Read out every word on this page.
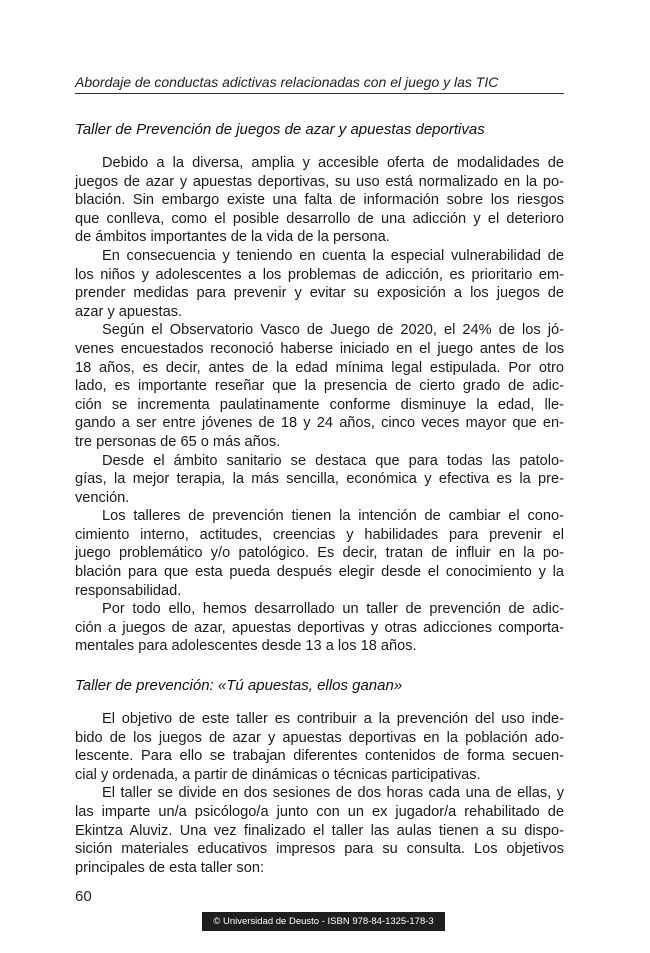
Abordaje de conductas adictivas relacionadas con el juego y las TIC
Taller de Prevención de juegos de azar y apuestas deportivas
Debido a la diversa, amplia y accesible oferta de modalidades de
juegos de azar y apuestas deportivas, su uso está normalizado en la po-
blación. Sin embargo existe una falta de información sobre los riesgos
que conlleva, como el posible desarrollo de una adicción y el deterioro
de ámbitos importantes de la vida de la persona.
En consecuencia y teniendo en cuenta la especial vulnerabilidad de
los niños y adolescentes a los problemas de adicción, es prioritario em-
prender medidas para prevenir y evitar su exposición a los juegos de
azar y apuestas.
Según el Observatorio Vasco de Juego de 2020, el 24% de los jó-
venes encuestados reconoció haberse iniciado en el juego antes de los
18 años, es decir, antes de la edad mínima legal estipulada. Por otro
lado, es importante reseñar que la presencia de cierto grado de adic-
ción se incrementa paulatinamente conforme disminuye la edad, lle-
gando a ser entre jóvenes de 18 y 24 años, cinco veces mayor que en-
tre personas de 65 o más años.
Desde el ámbito sanitario se destaca que para todas las patolo-
gías, la mejor terapia, la más sencilla, económica y efectiva es la pre-
vención.
Los talleres de prevención tienen la intención de cambiar el cono-
cimiento interno, actitudes, creencias y habilidades para prevenir el
juego problemático y/o patológico. Es decir, tratan de influir en la po-
blación para que esta pueda después elegir desde el conocimiento y la
responsabilidad.
Por todo ello, hemos desarrollado un taller de prevención de adic-
ción a juegos de azar, apuestas deportivas y otras adicciones comporta-
mentales para adolescentes desde 13 a los 18 años.
Taller de prevención: «Tú apuestas, ellos ganan»
El objetivo de este taller es contribuir a la prevención del uso inde-
bido de los juegos de azar y apuestas deportivas en la población ado-
lescente. Para ello se trabajan diferentes contenidos de forma secuen-
cial y ordenada, a partir de dinámicas o técnicas participativas.
El taller se divide en dos sesiones de dos horas cada una de ellas, y
las imparte un/a psicólogo/a junto con un ex jugador/a rehabilitado de
Ekintza Aluviz. Una vez finalizado el taller las aulas tienen a su dispo-
sición materiales educativos impresos para su consulta. Los objetivos
principales de esta taller son:
60
© Universidad de Deusto - ISBN 978-84-1325-178-3
